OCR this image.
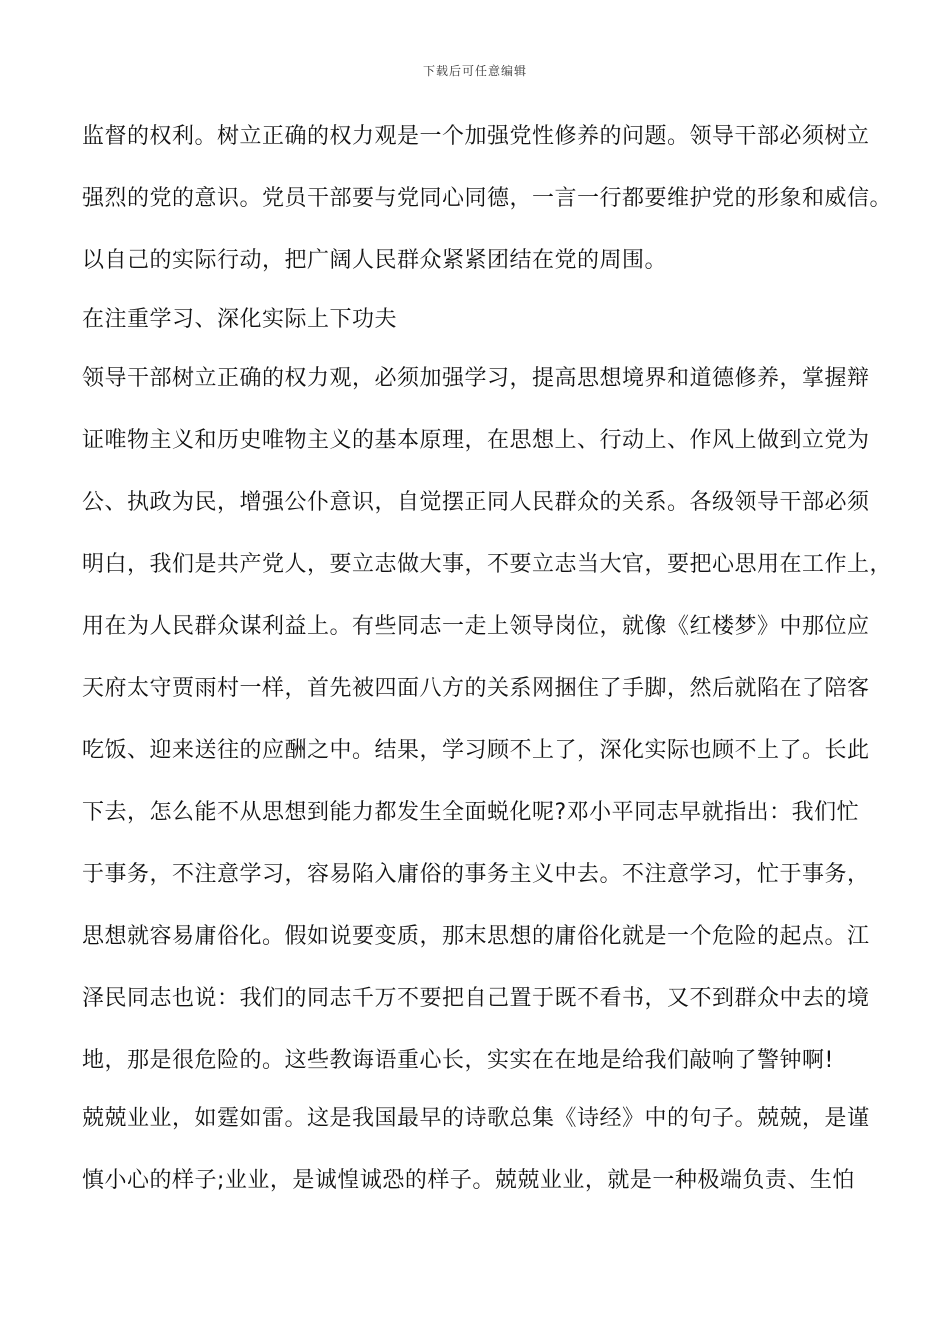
下载后可任意编辑
监督的权利。树立正确的权力观是一个加强党性修养的问题。领导干部必须树立
强烈的党的意识。党员干部要与党同心同德，一言一行都要维护党的形象和威信。
以自己的实际行动，把广阔人民群众紧紧团结在党的周围。
在注重学习、深化实际上下功夫
领导干部树立正确的权力观，必须加强学习，提高思想境界和道德修养，掌握辩
证唯物主义和历史唯物主义的基本原理，在思想上、行动上、作风上做到立党为
公、执政为民，增强公仆意识，自觉摆正同人民群众的关系。各级领导干部必须
明白，我们是共产党人，要立志做大事，不要立志当大官，要把心思用在工作上，
用在为人民群众谋利益上。有些同志一走上领导岗位，就像《红楼梦》中那位应
天府太守贾雨村一样，首先被四面八方的关系网捆住了手脚，然后就陷在了陪客
吃饭、迎来送往的应酬之中。结果，学习顾不上了，深化实际也顾不上了。长此
下去，怎么能不从思想到能力都发生全面蜕化呢?邓小平同志早就指出：我们忙
于事务，不注意学习，容易陷入庸俗的事务主义中去。不注意学习，忙于事务，
思想就容易庸俗化。假如说要变质，那末思想的庸俗化就是一个危险的起点。江
泽民同志也说：我们的同志千万不要把自己置于既不看书，又不到群众中去的境
地，那是很危险的。这些教诲语重心长，实实在在地是给我们敲响了警钟啊!
兢兢业业，如霆如雷。这是我国最早的诗歌总集《诗经》中的句子。兢兢，是谨
慎小心的样子;业业，是诚惶诚恐的样子。兢兢业业，就是一种极端负责、生怕
